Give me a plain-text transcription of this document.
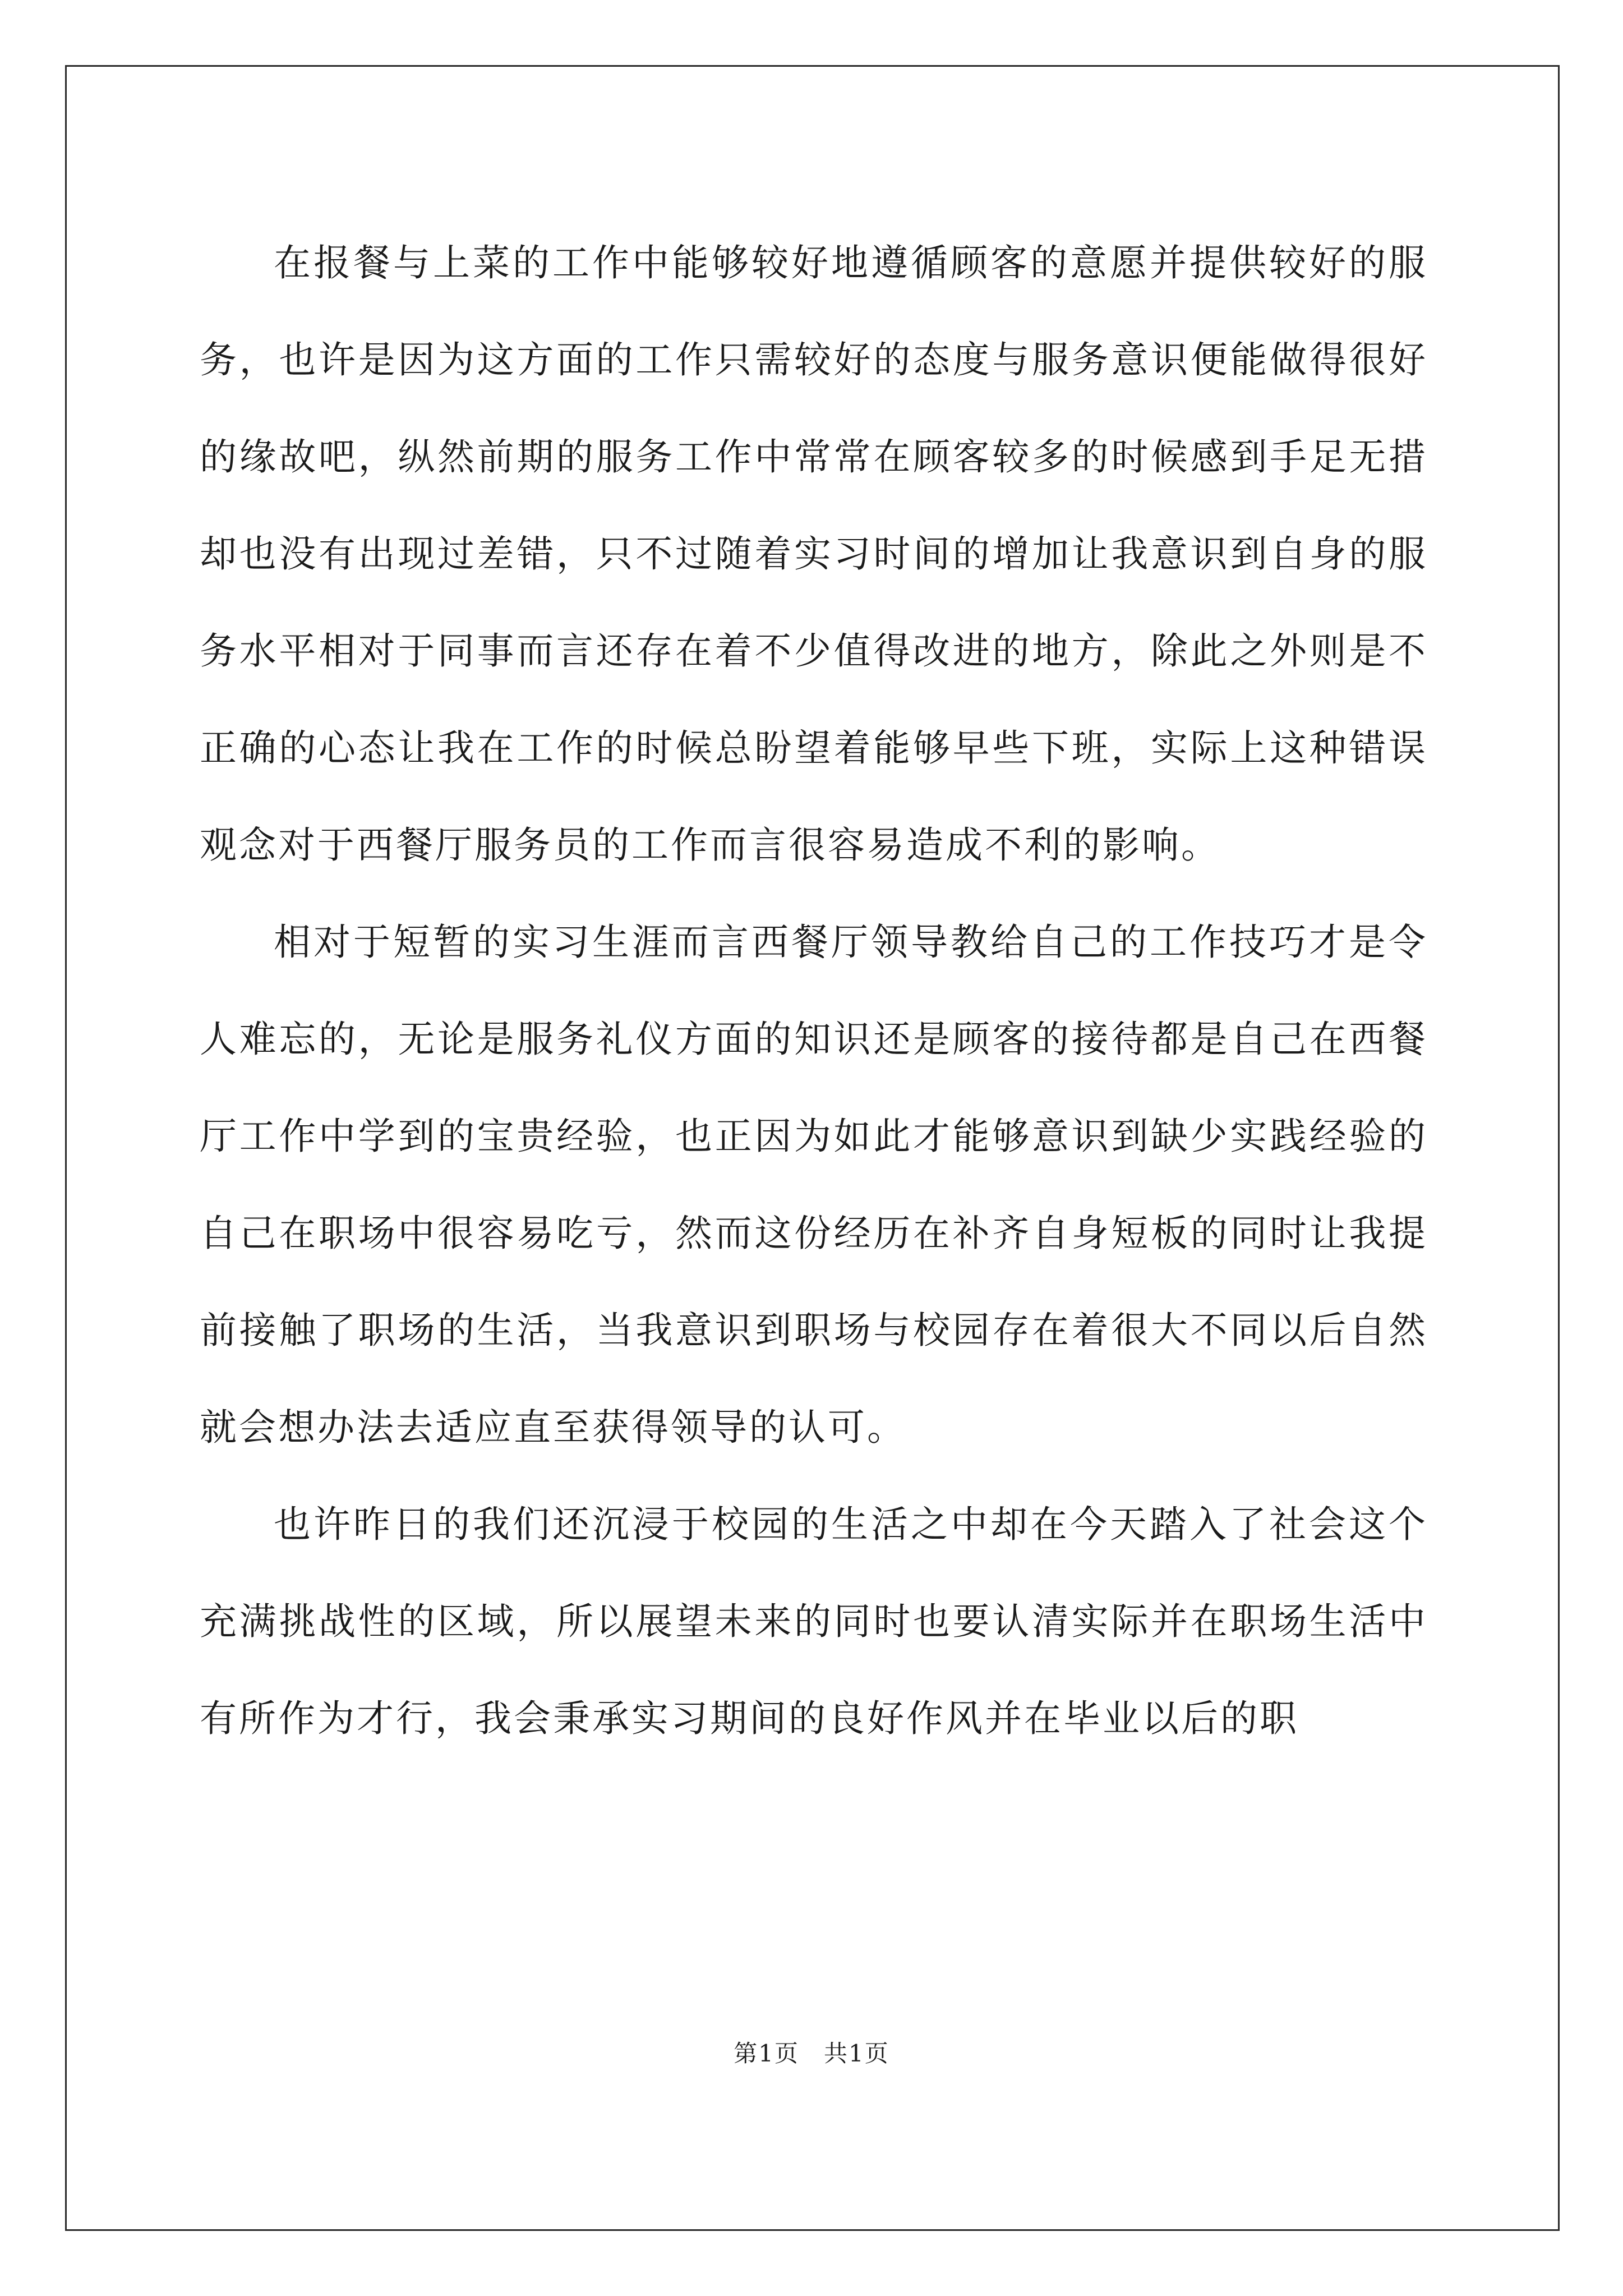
在报餐与上菜的工作中能够较好地遵循顾客的意愿并提供较好的服务，也许是因为这方面的工作只需较好的态度与服务意识便能做得很好的缘故吧，纵然前期的服务工作中常常在顾客较多的时候感到手足无措却也没有出现过差错，只不过随着实习时间的增加让我意识到自身的服务水平相对于同事而言还存在着不少值得改进的地方，除此之外则是不正确的心态让我在工作的时候总盼望着能够早些下班，实际上这种错误观念对于西餐厅服务员的工作而言很容易造成不利的影响。

相对于短暂的实习生涯而言西餐厅领导教给自己的工作技巧才是令人难忘的，无论是服务礼仪方面的知识还是顾客的接待都是自己在西餐厅工作中学到的宝贵经验，也正因为如此才能够意识到缺少实践经验的自己在职场中很容易吃亏，然而这份经历在补齐自身短板的同时让我提前接触了职场的生活，当我意识到职场与校园存在着很大不同以后自然就会想办法去适应直至获得领导的认可。

也许昨日的我们还沉浸于校园的生活之中却在今天踏入了社会这个充满挑战性的区域，所以展望未来的同时也要认清实际并在职场生活中有所作为才行，我会秉承实习期间的良好作风并在毕业以后的职

第1页　共1页
